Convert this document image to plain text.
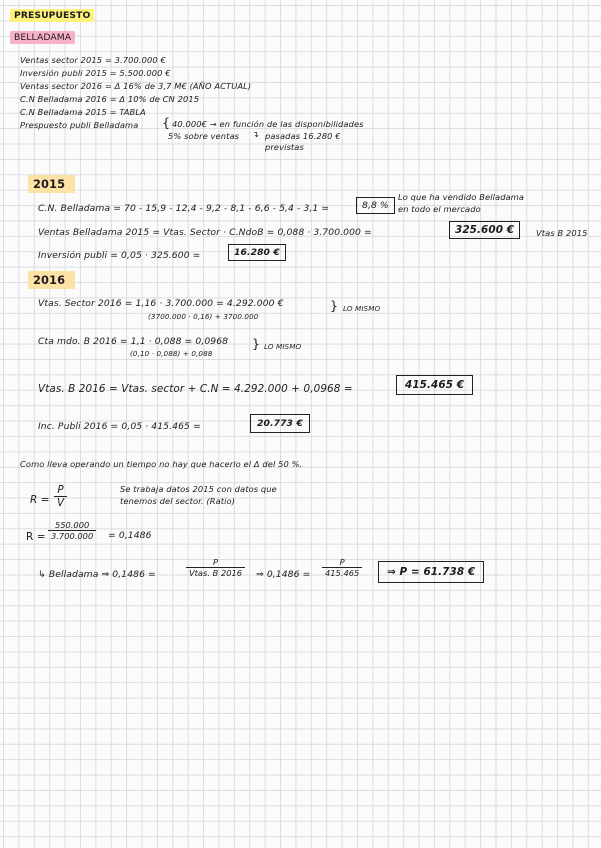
PRESUPUESTO
BELLADAMA
Ventas sector 2015 = 3.700.000 €
Inversión publi 2015 = 5.500.000 €
Ventas sector 2016 = Δ 16% de 3,7 M€ (AÑO ACTUAL)
C.N Belladama 2016 = Δ 10% de CN 2015
C.N Belladama 2015 = TABLA
Prespuesto publi Belladama { 40.000€ → en función de las disponibilidades
5% sobre ventas ↴ pasadas 16.280 €
previstas
2015
C.N. Belladama = 70 - 15,9 - 12,4 - 9,2 - 8,1 - 6,6 - 5,4 - 3,1 =	8,8 %
Lo que ha vendido Belladama
en todo el mercado
Ventas Belladama 2015 = Vtas. Sector · C.NdoB = 0,088 · 3.700.000 =	325.600 €	Vtas B 2015
Inversión publi = 0,05 · 325.600 =	16.280 €
2016
Vtas. Sector 2016 = 1,16 · 3.700.000 = 4.292.000 €
(3700.000 · 0,16) + 3700.000
} LO MISMO
Cta mdo. B 2016 = 1,1 · 0,088 = 0,0968
(0,10 · 0,088) + 0,088
} LO MISMO
Vtas. B 2016 = Vtas. sector + C.N = 4.292.000 + 0,0968 =	415.465 €
Inc. Publi 2016 = 0,05 · 415.465 =	20.773 €
Como lleva operando un tiempo no hay que hacerlo el Δ del 50 %.
$R = \frac{P}{V}$	Se trabaja datos 2015 con datos que
tenemos del sector. (Ratio)
$R = \frac{550.000}{3.700.000} = 0,1486$
↳ Belladama ⇒ 0,1486 =
P
Vtas. B 2016	⇒ $0,1486 = \frac{P}{415.465}$	⇒ P = 61.738 €
